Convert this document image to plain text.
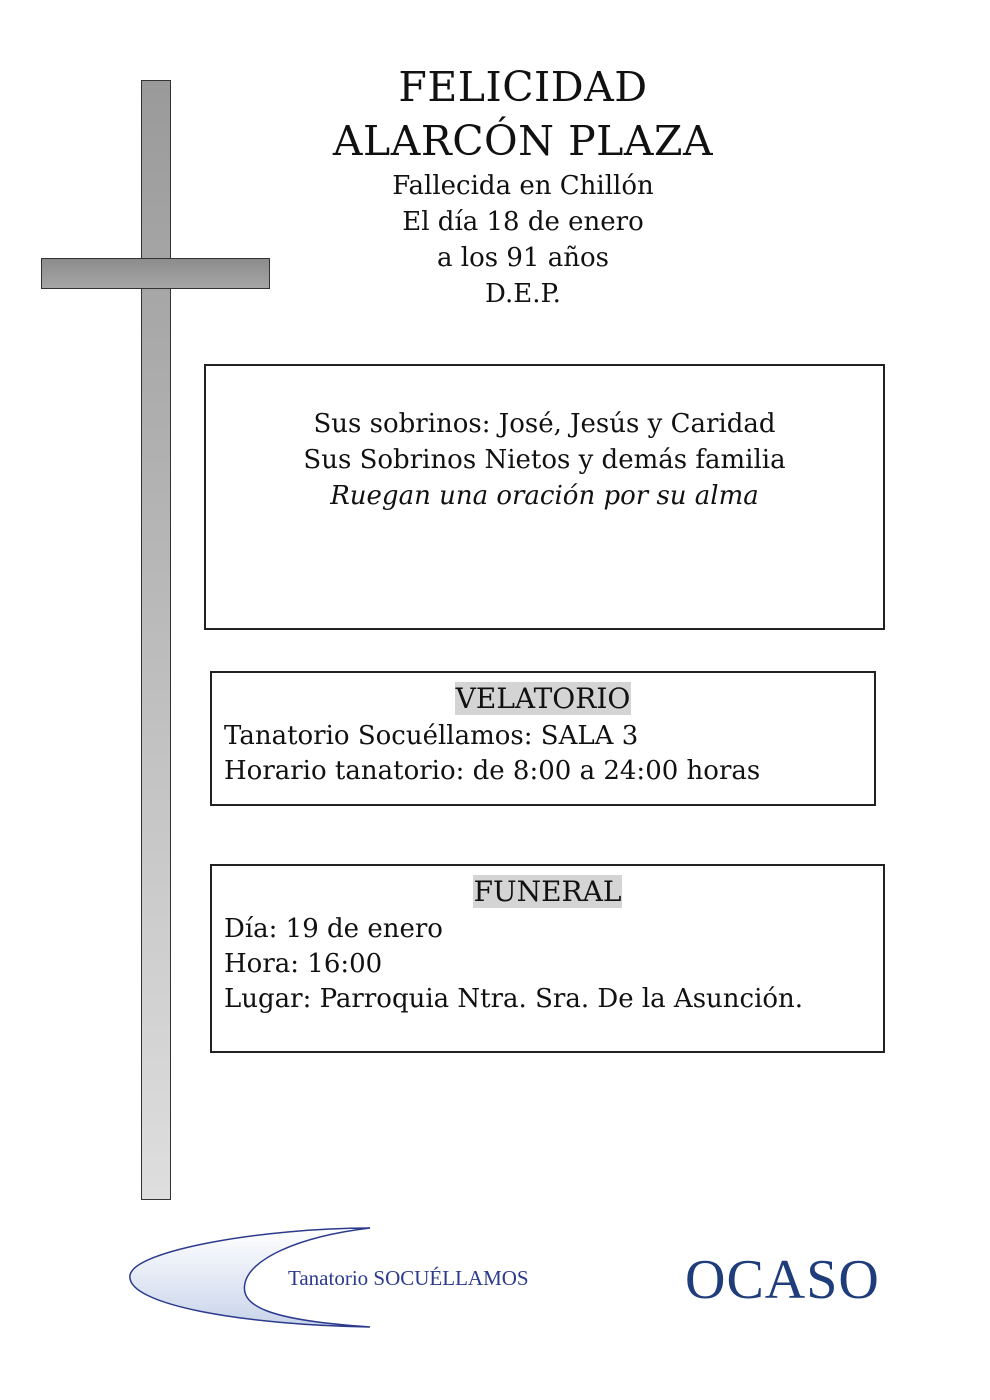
FELICIDAD
ALARCÓN PLAZA
Fallecida en Chillón
El día 18 de enero
a los 91 años
D.E.P.
Sus sobrinos: José, Jesús y Caridad
Sus Sobrinos Nietos y demás familia
Ruegan una oración por su alma
VELATORIO
Tanatorio Socuéllamos: SALA 3
Horario tanatorio: de 8:00 a 24:00 horas
FUNERAL
Día: 19 de enero
Hora: 16:00
Lugar: Parroquia Ntra. Sra. De la Asunción.
Tanatorio SOCUÉLLAMOS	OCASO
